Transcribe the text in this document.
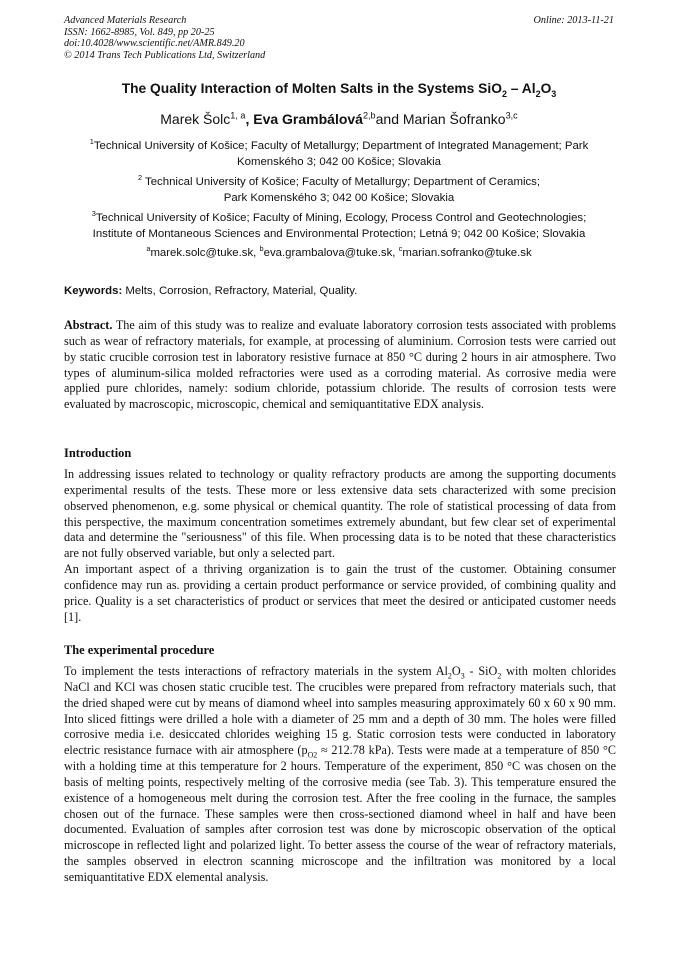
Advanced Materials Research
ISSN: 1662-8985, Vol. 849, pp 20-25
doi:10.4028/www.scientific.net/AMR.849.20
© 2014 Trans Tech Publications Ltd, Switzerland
Online: 2013-11-21
The Quality Interaction of Molten Salts in the Systems $SiO_2 - Al_2O_3$
Marek Šolc$^{1, a}$, Eva Grambálová$^{2,b}$and Marian Šofranko$^{3,c}$
$^1$Technical University of Košice; Faculty of Metallurgy; Department of Integrated Management; Park
Komenského 3; 042 00 Košice; Slovakia
$^2$ Technical University of Košice; Faculty of Metallurgy; Department of Ceramics;
Park Komenského 3; 042 00 Košice; Slovakia
$^3$Technical University of Košice; Faculty of Mining, Ecology, Process Control and Geotechnologies;
Institute of Montaneous Sciences and Environmental Protection; Letná 9; 042 00 Košice; Slovakia
$^a$marek.solc@tuke.sk, $^b$eva.grambalova@tuke.sk, $^c$marian.sofranko@tuke.sk
Keywords: Melts, Corrosion, Refractory, Material, Quality.

Abstract. The aim of this study was to realize and evaluate laboratory corrosion tests associated with problems such as wear of refractory materials, for example, at processing of aluminium. Corrosion tests were carried out by static crucible corrosion test in laboratory resistive furnace at 850 °C during 2 hours in air atmosphere. Two types of aluminum-silica molded refractories were used as a corroding material. As corrosive media were applied pure chlorides, namely: sodium chloride, potassium chloride. The results of corrosion tests were evaluated by macroscopic, microscopic, chemical and semiquantitative EDX analysis.

Introduction

In addressing issues related to technology or quality refractory products are among the supporting documents experimental results of the tests. These more or less extensive data sets characterized with some precision observed phenomenon, e.g. some physical or chemical quantity. The role of statistical processing of data from this perspective, the maximum concentration sometimes extremely abundant, but few clear set of experimental data and determine the "seriousness" of this file. When processing data is to be noted that these characteristics are not fully observed variable, but only a selected part.

An important aspect of a thriving organization is to gain the trust of the customer. Obtaining consumer confidence may run as. providing a certain product performance or service provided, of combining quality and price. Quality is a set characteristics of product or services that meet the desired or anticipated customer needs [1].

The experimental procedure

To implement the tests interactions of refractory materials in the system $Al_2O_3 - SiO_2$ with molten chlorides NaCl and KCl was chosen static crucible test. The crucibles were prepared from refractory materials such, that the dried shaped were cut by means of diamond wheel into samples measuring approximately 60 x 60 x 90 mm. Into sliced fittings were drilled a hole with a diameter of 25 mm and a depth of 30 mm. The holes were filled corrosive media i.e. desiccated chlorides weighing 15 g. Static corrosion tests were conducted in laboratory electric resistance furnace with air atmosphere ($p_{O2} \approx 212.78$ kPa). Tests were made at a temperature of 850 °C with a holding time at this temperature for 2 hours. Temperature of the experiment, 850 °C was chosen on the basis of melting points, respectively melting of the corrosive media (see Tab. 3). This temperature ensured the existence of a homogeneous melt during the corrosion test. After the free cooling in the furnace, the samples chosen out of the furnace. These samples were then cross-sectioned diamond wheel in half and have been documented. Evaluation of samples after corrosion test was done by microscopic observation of the optical microscope in reflected light and polarized light. To better assess the course of the wear of refractory materials, the samples observed in electron scanning microscope and the infiltration was monitored by a local semiquantitative EDX elemental analysis.
